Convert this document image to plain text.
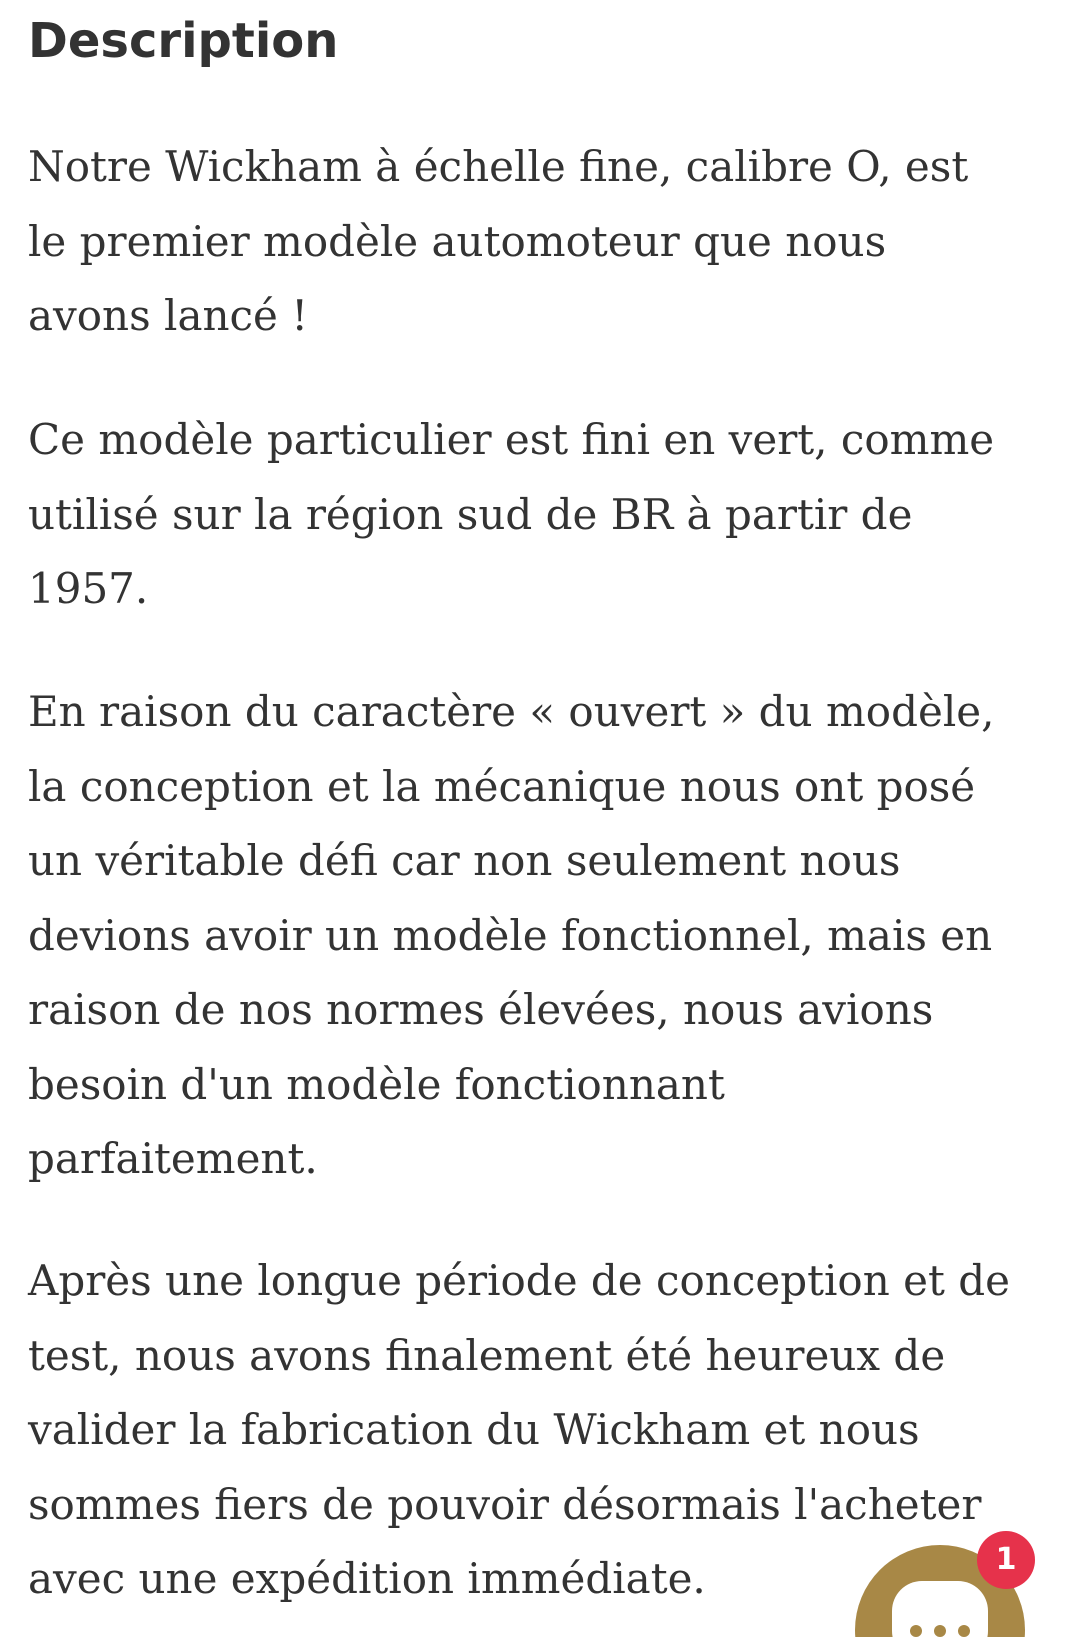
Description

Notre Wickham à échelle fine, calibre O, est
le premier modèle automoteur que nous
avons lancé !

Ce modèle particulier est fini en vert, comme
utilisé sur la région sud de BR à partir de
1957.

En raison du caractère « ouvert » du modèle,
la conception et la mécanique nous ont posé
un véritable défi car non seulement nous
devions avoir un modèle fonctionnel, mais en
raison de nos normes élevées, nous avions
besoin d'un modèle fonctionnant
parfaitement.

Après une longue période de conception et de
test, nous avons finalement été heureux de
valider la fabrication du Wickham et nous
sommes fiers de pouvoir désormais l'acheter
avec une expédition immédiate.	1
